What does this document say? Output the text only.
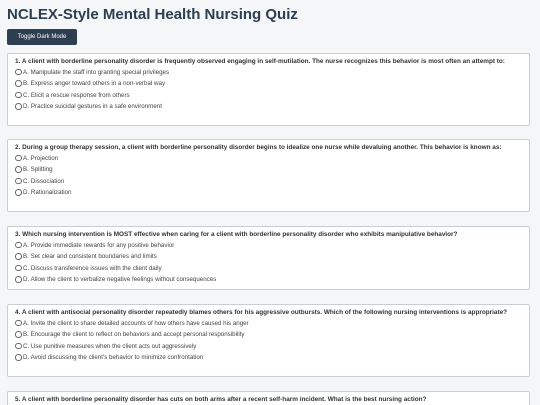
NCLEX-Style Mental Health Nursing Quiz
Toggle Dark Mode
1. A client with borderline personality disorder is frequently observed engaging in self-mutilation. The nurse recognizes this behavior is most often an attempt to:
A. Manipulate the staff into granting special privileges
B. Express anger toward others in a non-verbal way
C. Elicit a rescue response from others
D. Practice suicidal gestures in a safe environment
2. During a group therapy session, a client with borderline personality disorder begins to idealize one nurse while devaluing another. This behavior is known as:
A. Projection
B. Splitting
C. Dissociation
D. Rationalization
3. Which nursing intervention is MOST effective when caring for a client with borderline personality disorder who exhibits manipulative behavior?
A. Provide immediate rewards for any positive behavior
B. Set clear and consistent boundaries and limits
C. Discuss transference issues with the client daily
D. Allow the client to verbalize negative feelings without consequences
4. A client with antisocial personality disorder repeatedly blames others for his aggressive outbursts. Which of the following nursing interventions is appropriate?
A. Invite the client to share detailed accounts of how others have caused his anger
B. Encourage the client to reflect on behaviors and accept personal responsibility
C. Use punitive measures when the client acts out aggressively
D. Avoid discussing the client's behavior to minimize confrontation
5. A client with borderline personality disorder has cuts on both arms after a recent self-harm incident. What is the best nursing action?
